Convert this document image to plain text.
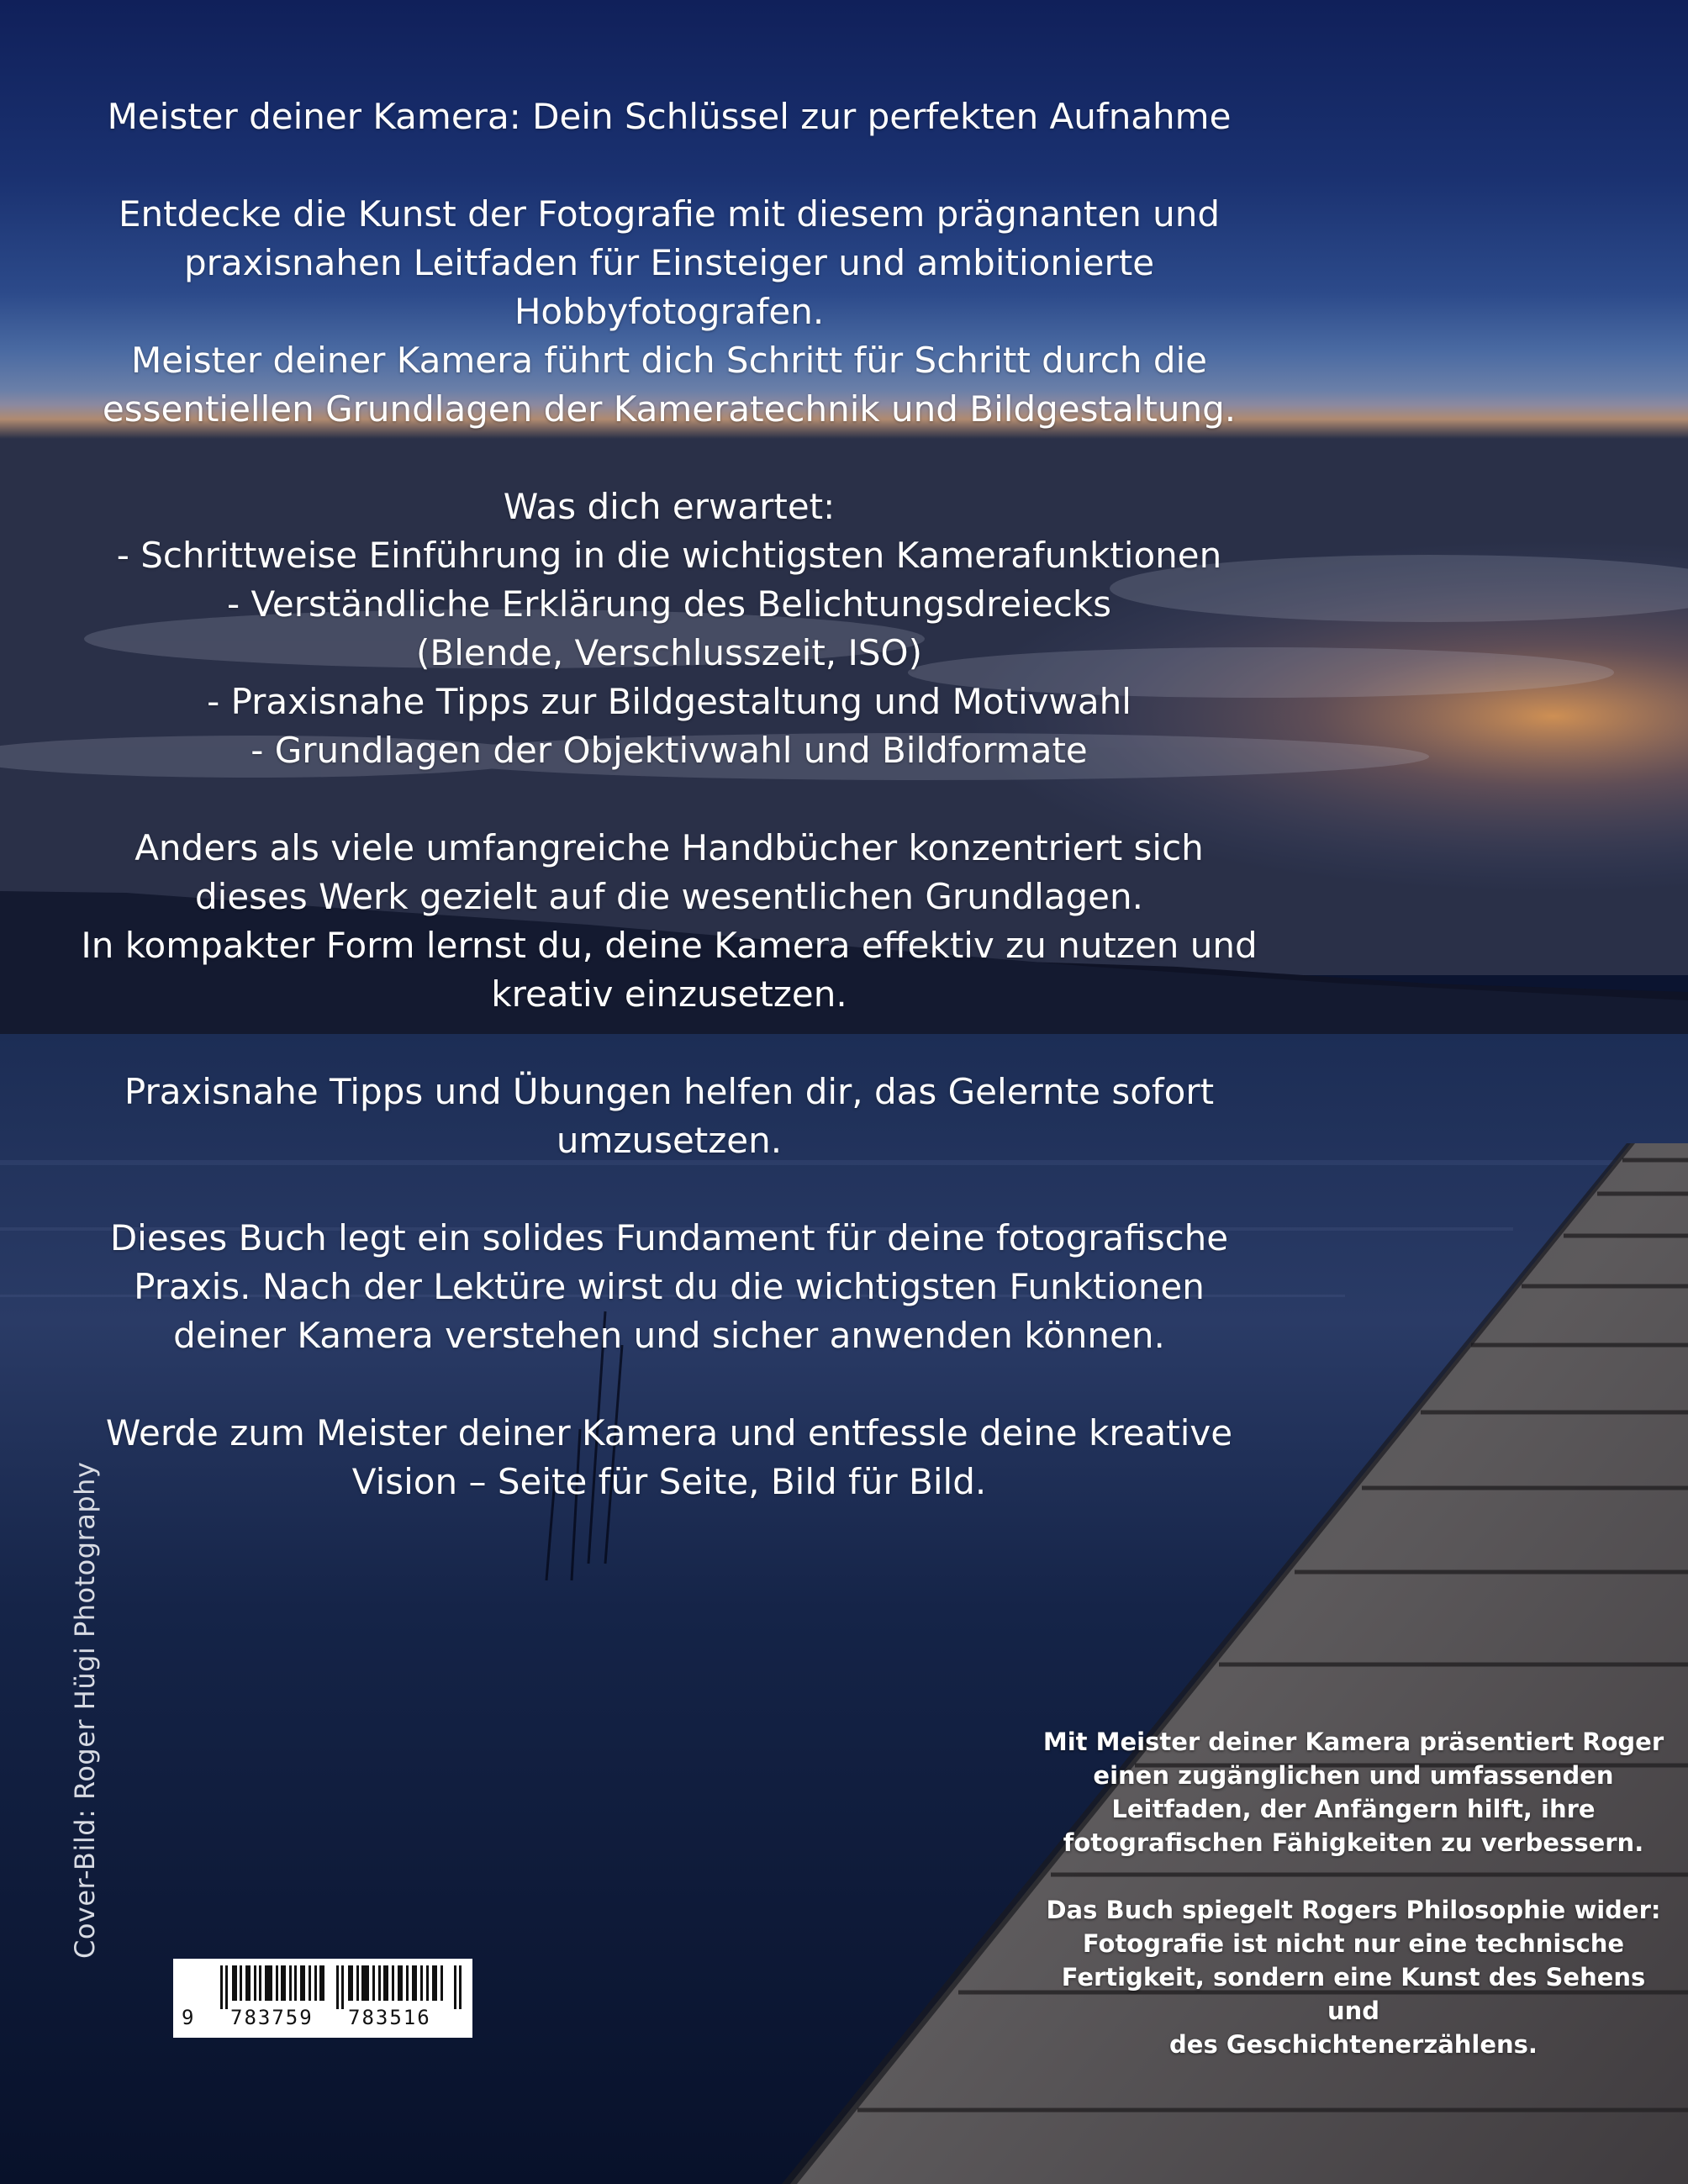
Meister deiner Kamera: Dein Schlüssel zur perfekten Aufnahme

Entdecke die Kunst der Fotografie mit diesem prägnanten und

praxisnahen Leitfaden für Einsteiger und ambitionierte

Hobbyfotografen.

Meister deiner Kamera führt dich Schritt für Schritt durch die

essentiellen Grundlagen der Kameratechnik und Bildgestaltung.

Was dich erwartet:

- Schrittweise Einführung in die wichtigsten Kamerafunktionen

- Verständliche Erklärung des Belichtungsdreiecks

(Blende, Verschlusszeit, ISO)

- Praxisnahe Tipps zur Bildgestaltung und Motivwahl

- Grundlagen der Objektivwahl und Bildformate

Anders als viele umfangreiche Handbücher konzentriert sich

dieses Werk gezielt auf die wesentlichen Grundlagen.

In kompakter Form lernst du, deine Kamera effektiv zu nutzen und

kreativ einzusetzen.

Praxisnahe Tipps und Übungen helfen dir, das Gelernte sofort

umzusetzen.

Dieses Buch legt ein solides Fundament für deine fotografische

Praxis. Nach der Lektüre wirst du die wichtigsten Funktionen

deiner Kamera verstehen und sicher anwenden können.

Werde zum Meister deiner Kamera und entfessle deine kreative

Vision – Seite für Seite, Bild für Bild.

Mit Meister deiner Kamera präsentiert Roger

einen zugänglichen und umfassenden

Leitfaden, der Anfängern hilft, ihre

fotografischen Fähigkeiten zu verbessern.

Das Buch spiegelt Rogers Philosophie wider:

Fotografie ist nicht nur eine technische

Fertigkeit, sondern eine Kunst des Sehens und

des Geschichtenerzählens.

Cover-Bild: Roger Hügi Photography
9 783759 783516
